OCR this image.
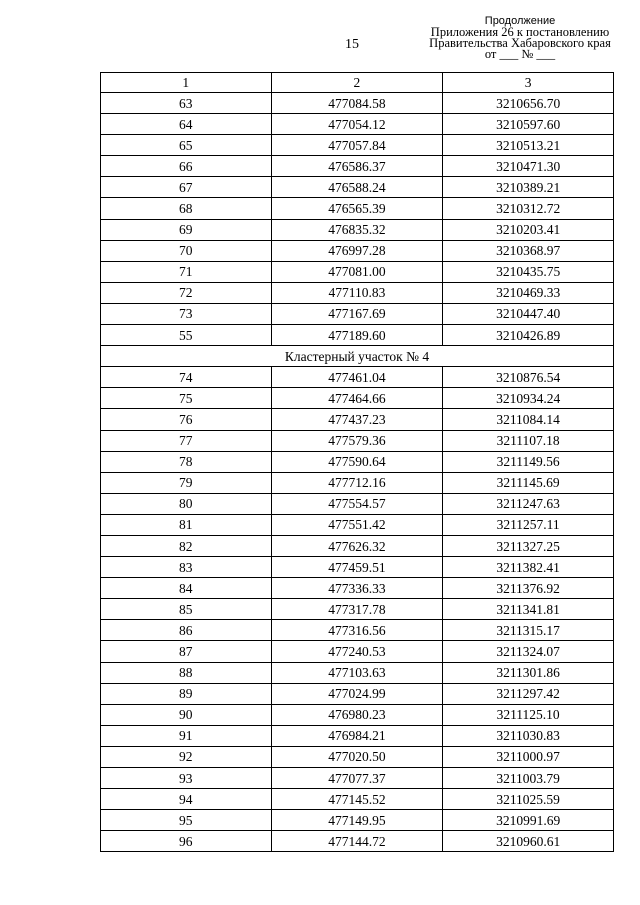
15
Продолжение
Приложения 26 к постановлению
Правительства Хабаровского края
от ___ № ___
1	2	3
63	477084.58	3210656.70
64	477054.12	3210597.60
65	477057.84	3210513.21
66	476586.37	3210471.30
67	476588.24	3210389.21
68	476565.39	3210312.72
69	476835.32	3210203.41
70	476997.28	3210368.97
71	477081.00	3210435.75
72	477110.83	3210469.33
73	477167.69	3210447.40
55	477189.60	3210426.89
Кластерный участок № 4		
74	477461.04	3210876.54
75	477464.66	3210934.24
76	477437.23	3211084.14
77	477579.36	3211107.18
78	477590.64	3211149.56
79	477712.16	3211145.69
80	477554.57	3211247.63
81	477551.42	3211257.11
82	477626.32	3211327.25
83	477459.51	3211382.41
84	477336.33	3211376.92
85	477317.78	3211341.81
86	477316.56	3211315.17
87	477240.53	3211324.07
88	477103.63	3211301.86
89	477024.99	3211297.42
90	476980.23	3211125.10
91	476984.21	3211030.83
92	477020.50	3211000.97
93	477077.37	3211003.79
94	477145.52	3211025.59
95	477149.95	3210991.69
96	477144.72	3210960.61
